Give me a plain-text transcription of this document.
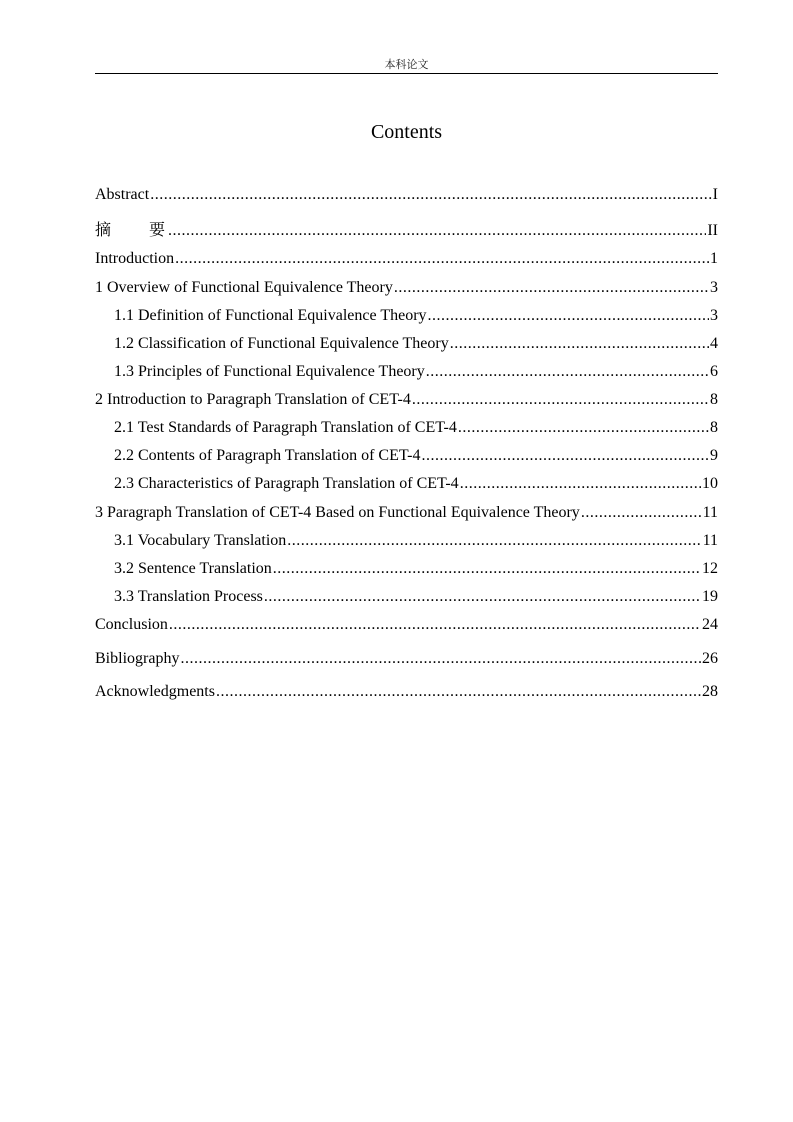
本科论文
Contents
Abstract .....	I
摘　　要 .....	II
Introduction .....	1
1 Overview of Functional Equivalence Theory .....	3
1.1 Definition of Functional Equivalence Theory .....	3
1.2 Classification of Functional Equivalence Theory .....	4
1.3 Principles of Functional Equivalence Theory .....	6
2 Introduction to Paragraph Translation of CET-4 .....	8
2.1 Test Standards of Paragraph Translation of CET-4 .....	8
2.2 Contents of Paragraph Translation of CET-4 .....	9
2.3 Characteristics of Paragraph Translation of CET-4 .....	10
3 Paragraph Translation of CET-4 Based on Functional Equivalence Theory .....	11
3.1 Vocabulary Translation .....	11
3.2 Sentence Translation .....	12
3.3 Translation Process .....	19
Conclusion .....	24
Bibliography .....	26
Acknowledgments .....	28
